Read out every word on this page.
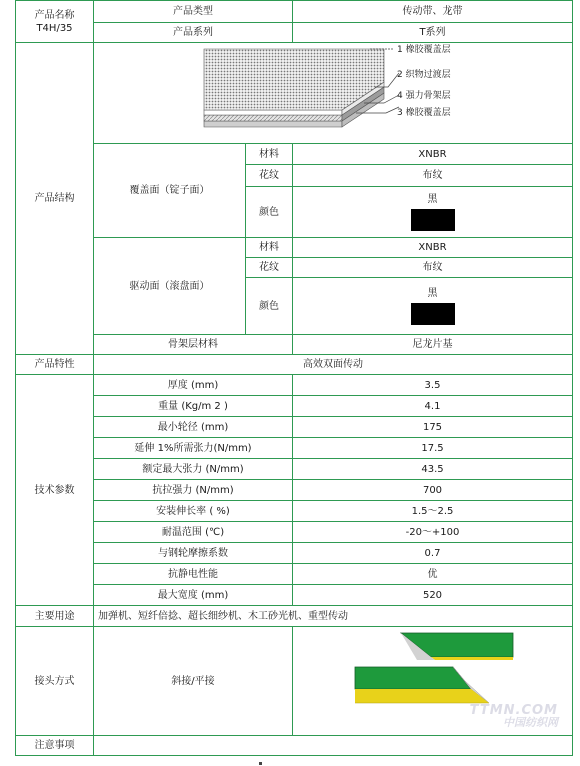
产品名称
T4H/35	产品类型		传动带、龙带
	产品系列		T系列
产品结构	1 橡胶覆盖层
2 织物过渡层
4 强力骨架层
3 橡胶覆盖层		

	覆盖面（锭子面）	材料	XNBR
		花纹	布纹
		颜色	黑

	驱动面（滚盘面）	材料	XNBR
		花纹	布纹
		颜色	黑

	骨架层材料		尼龙片基
产品特性	高效双面传动		
技术参数	厚度 (mm)		3.5
	重量 (Kg/m 2 )		4.1
	最小轮径 (mm)		175
	延伸 1%所需张力(N/mm)		17.5
	额定最大张力 (N/mm)		43.5
	抗拉强力 (N/mm)		700
	安装伸长率 ( %)		1.5～2.5
	耐温范围 (℃)		-20～+100
	与钢轮摩擦系数		0.7
	抗静电性能		优
	最大宽度 (mm)		520
主要用途	加弹机、短纤倍捻、超长细纱机、木工砂光机、重型传动		
接头方式	斜接/平接		TTMN.COM
中国纺织网

注意事项			
